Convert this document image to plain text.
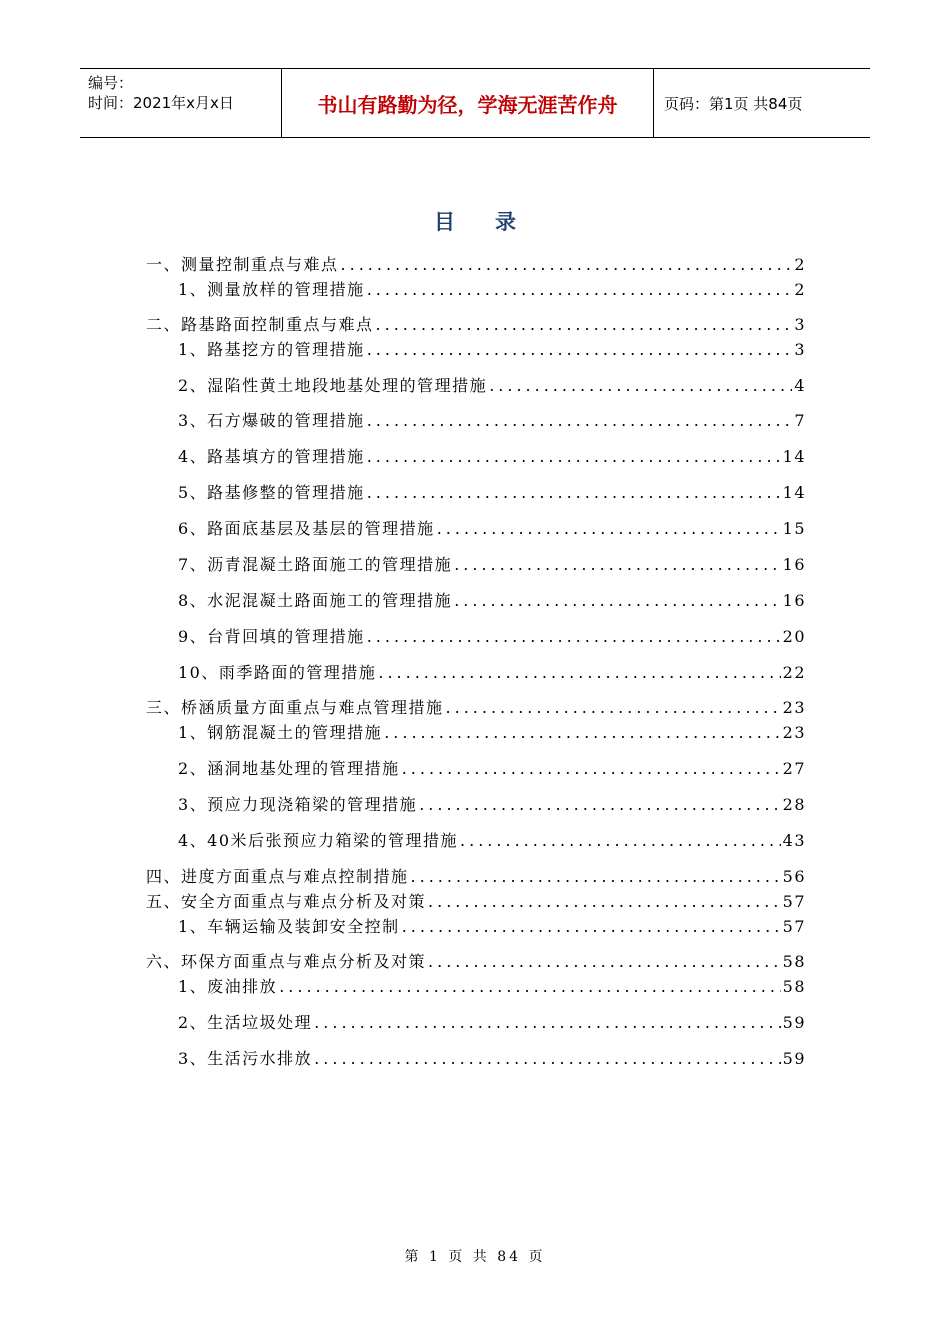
编号：
时间：2021年x月x日	书山有路勤为径，学海无涯苦作舟	页码：第1页 共84页
目录
一、测量控制重点与难点 .....	2
1、测量放样的管理措施 .....	2
二、路基路面控制重点与难点 .....	3
1、路基挖方的管理措施 .....	3
2、湿陷性黄土地段地基处理的管理措施 .....	4
3、石方爆破的管理措施 .....	7
4、路基填方的管理措施 .....	14
5、路基修整的管理措施 .....	14
6、路面底基层及基层的管理措施 .....	15
7、沥青混凝土路面施工的管理措施 .....	16
8、水泥混凝土路面施工的管理措施 .....	16
9、台背回填的管理措施 .....	20
10、雨季路面的管理措施 .....	22
三、桥涵质量方面重点与难点管理措施 .....	23
1、钢筋混凝土的管理措施 .....	23
2、涵洞地基处理的管理措施 .....	27
3、预应力现浇箱梁的管理措施 .....	28
4、40米后张预应力箱梁的管理措施 .....	43
四、进度方面重点与难点控制措施 .....	56
五、安全方面重点与难点分析及对策 .....	57
1、车辆运输及装卸安全控制 .....	57
六、环保方面重点与难点分析及对策 .....	58
1、废油排放 .....	58
2、生活垃圾处理 .....	59
3、生活污水排放 .....	59
第 1 页 共 84 页
